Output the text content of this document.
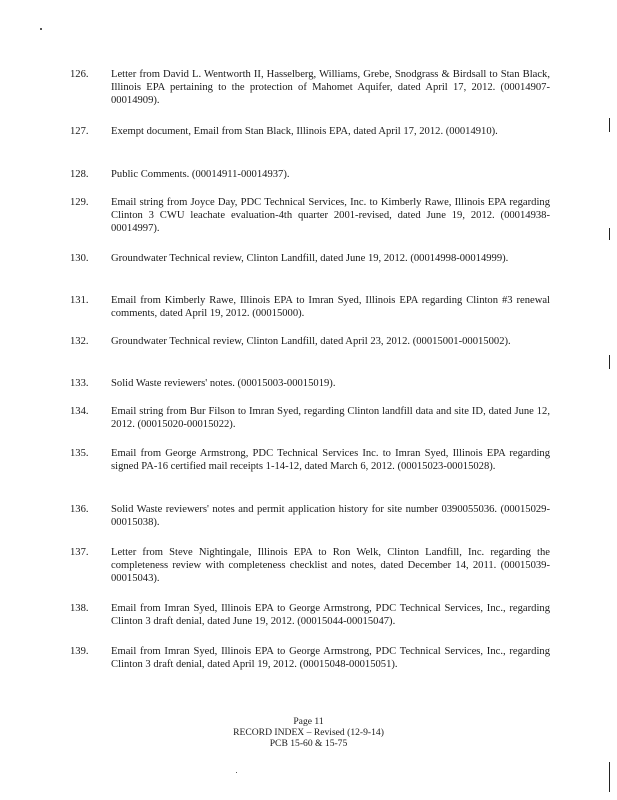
126.	Letter from David L. Wentworth II, Hasselberg, Williams, Grebe, Snodgrass & Birdsall to Stan Black, Illinois EPA pertaining to the protection of Mahomet Aquifer, dated April 17, 2012. (00014907-00014909).
127.	Exempt document, Email from Stan Black, Illinois EPA, dated April 17, 2012. (00014910).
128.	Public Comments. (00014911-00014937).
129.	Email string from Joyce Day, PDC Technical Services, Inc. to Kimberly Rawe, Illinois EPA regarding Clinton 3 CWU leachate evaluation-4th quarter 2001-revised, dated June 19, 2012. (00014938-00014997).
130.	Groundwater Technical review, Clinton Landfill, dated June 19, 2012. (00014998-00014999).
131.	Email from Kimberly Rawe, Illinois EPA to Imran Syed, Illinois EPA regarding Clinton #3 renewal comments, dated April 19, 2012. (00015000).
132.	Groundwater Technical review, Clinton Landfill, dated April 23, 2012. (00015001-00015002).
133.	Solid Waste reviewers' notes. (00015003-00015019).
134.	Email string from Bur Filson to Imran Syed, regarding Clinton landfill data and site ID, dated June 12, 2012. (00015020-00015022).
135.	Email from George Armstrong, PDC Technical Services Inc. to Imran Syed, Illinois EPA regarding signed PA-16 certified mail receipts 1-14-12, dated March 6, 2012. (00015023-00015028).
136.	Solid Waste reviewers' notes and permit application history for site number 0390055036. (00015029-00015038).
137.	Letter from Steve Nightingale, Illinois EPA to Ron Welk, Clinton Landfill, Inc. regarding the completeness review with completeness checklist and notes, dated December 14, 2011. (00015039-00015043).
138.	Email from Imran Syed, Illinois EPA to George Armstrong, PDC Technical Services, Inc., regarding Clinton 3 draft denial, dated June 19, 2012. (00015044-00015047).
139.	Email from Imran Syed, Illinois EPA to George Armstrong, PDC Technical Services, Inc., regarding Clinton 3 draft denial, dated April 19, 2012. (00015048-00015051).
Page 11
RECORD INDEX – Revised (12-9-14)
PCB 15-60 & 15-75
